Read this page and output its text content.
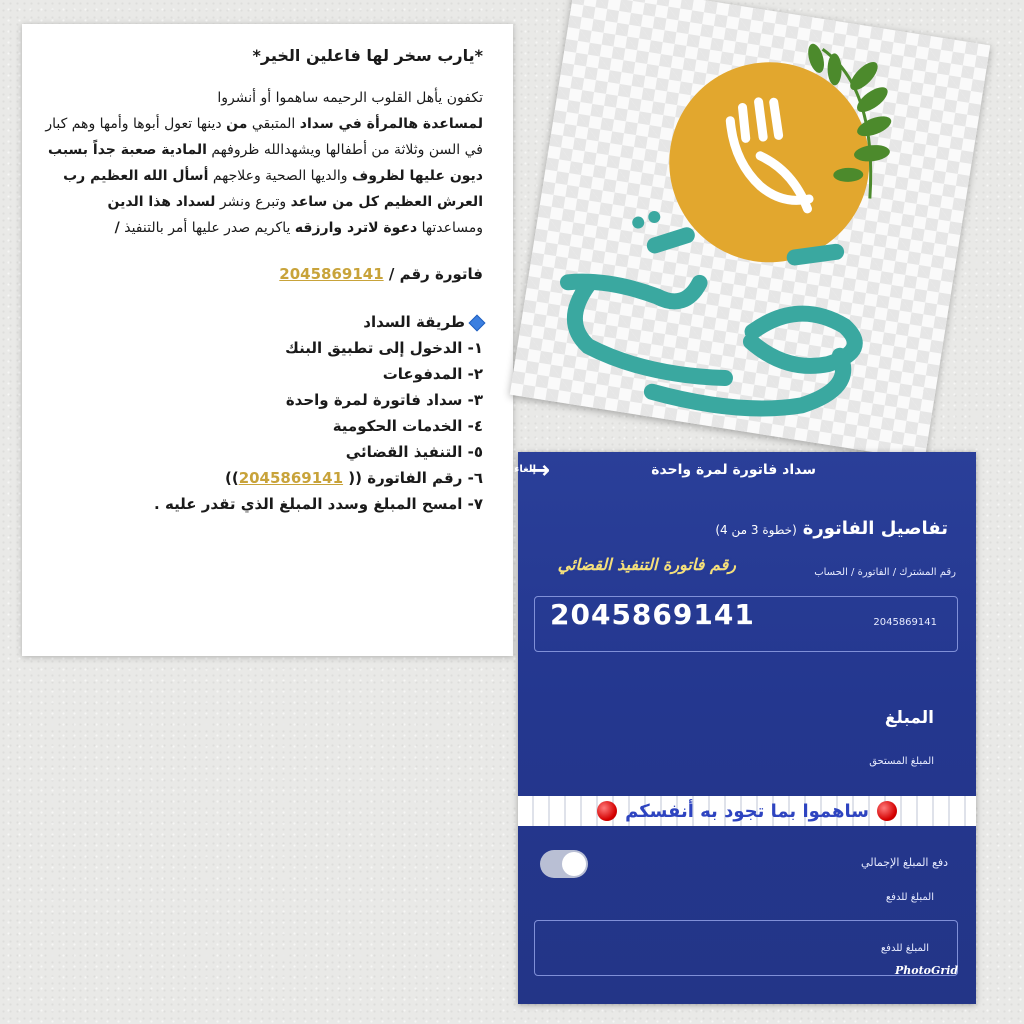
*يارب سخر لها فاعلين الخير*
تكفون يأهل القلوب الرحيمه ساهموا أو أنشروا
لمساعدة هالمرأة في سداد المتبقي من دينها تعول أبوها وأمها وهم كبار في السن وثلاثة من أطفالها ويشهدالله ظروفهم المادية صعبة جداً بسبب ديون عليها لظروف والديها الصحية وعلاجهم أسأل الله العظيم رب العرش العظيم كل من ساعد وتبرع ونشر لسداد هذا الدين ومساعدتها دعوة لاترد وارزقه ياكريم صدر عليها أمر بالتنفيذ /
فاتورة رقم / 2045869141
طريقة السداد
١- الدخول إلى تطبيق البنك
٢- المدفوعات
٣- سداد فاتورة لمرة واحدة
٤- الخدمات الحكومية
٥- التنفيذ القضائي
٦- رقم الفاتورة (( 2045869141))
٧- امسح المبلغ وسدد المبلغ الذي تقدر عليه .
سداد فاتورة لمرة واحدة
إلغاء
→
تفاصيل الفاتورة(خطوة 3 من 4)
رقم المشترك / الفاتورة / الحساب
رقم فاتورة التنفيذ القضائي
2045869141
2045869141
المبلغ
المبلغ المستحق
ساهموا بما تجود به أنفسكم
دفع المبلغ الإجمالي
المبلغ للدفع
المبلغ للدفع
PhotoGrid
